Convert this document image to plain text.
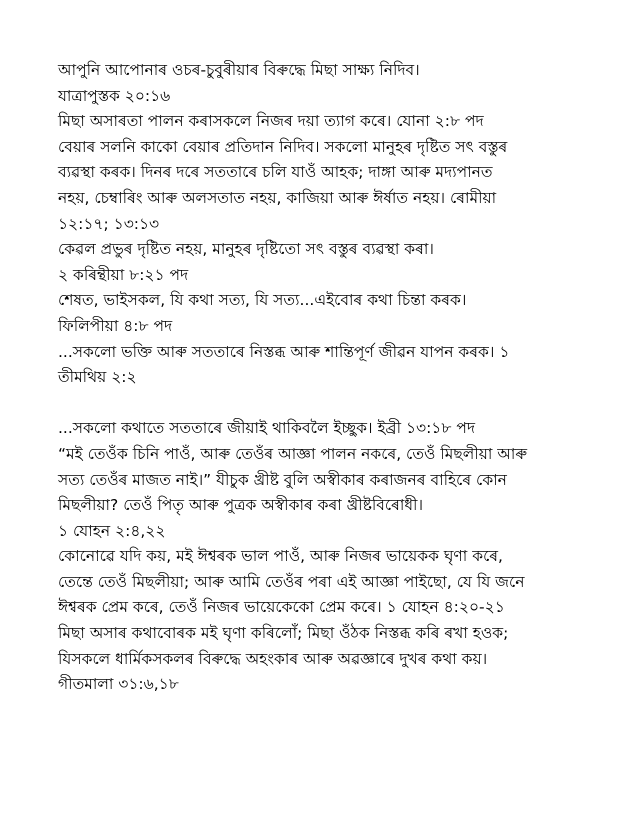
আপুনি আপোনাৰ ওচৰ-চুবুৰীয়াৰ বিৰুদ্ধে মিছা সাক্ষ্য নিদিব।
যাত্ৰাপুস্তক ২০:১৬
মিছা অসাৰতা পালন কৰাসকলে নিজৰ দয়া ত্যাগ কৰে। যোনা ২:৮ পদ
বেয়াৰ সলনি কাকো বেয়াৰ প্ৰতিদান নিদিব। সকলো মানুহৰ দৃষ্টিত সৎ বস্তুৰ
ব্যৱস্থা কৰক। দিনৰ দৰে সততাৰে চলি যাওঁ আহক; দাঙ্গা আৰু মদ্যপানত
নহয়, চেম্বাৰিং আৰু অলসতাত নহয়, কাজিয়া আৰু ঈৰ্ষাত নহয়। ৰোমীয়া
১২:১৭; ১৩:১৩
কেৱল প্ৰভুৰ দৃষ্টিত নহয়, মানুহৰ দৃষ্টিতো সৎ বস্তুৰ ব্যৱস্থা কৰা।
২ কৰিন্থীয়া ৮:২১ পদ
শেষত, ভাইসকল, যি কথা সত্য, যি সত্য...এইবোৰ কথা চিন্তা কৰক।
ফিলিপীয়া ৪:৮ পদ
...সকলো ভক্তি আৰু সততাৰে নিস্তব্ধ আৰু শান্তিপূৰ্ণ জীৱন যাপন কৰক। ১
তীমথিয় ২:২

...সকলো কথাতে সততাৰে জীয়াই থাকিবলৈ ইচ্ছুক। ইব্ৰী ১৩:১৮ পদ
“মই তেওঁক চিনি পাওঁ, আৰু তেওঁৰ আজ্ঞা পালন নকৰে, তেওঁ মিছলীয়া আৰু
সত্য তেওঁৰ মাজত নাই।” যীচুক খ্ৰীষ্ট বুলি অস্বীকাৰ কৰাজনৰ বাহিৰে কোন
মিছলীয়া? তেওঁ পিতৃ আৰু পুত্ৰক অস্বীকাৰ কৰা খ্ৰীষ্টবিৰোধী।
১ যোহন ২:৪,২২
কোনোৱে যদি কয়, মই ঈশ্বৰক ভাল পাওঁ, আৰু নিজৰ ভায়েকক ঘৃণা কৰে,
তেন্তে তেওঁ মিছলীয়া; আৰু আমি তেওঁৰ পৰা এই আজ্ঞা পাইছো, যে যি জনে
ঈশ্বৰক প্ৰেম কৰে, তেওঁ নিজৰ ভায়েকেকো প্ৰেম কৰে। ১ যোহন ৪:২০-২১
মিছা অসাৰ কথাবোৰক মই ঘৃণা কৰিলোঁ; মিছা ওঁঠক নিস্তব্ধ কৰি ৰখা হওক;
যিসকলে ধাৰ্মিকসকলৰ বিৰুদ্ধে অহংকাৰ আৰু অৱজ্ঞাৰে দুখৰ কথা কয়।
গীতমালা ৩১:৬,১৮
